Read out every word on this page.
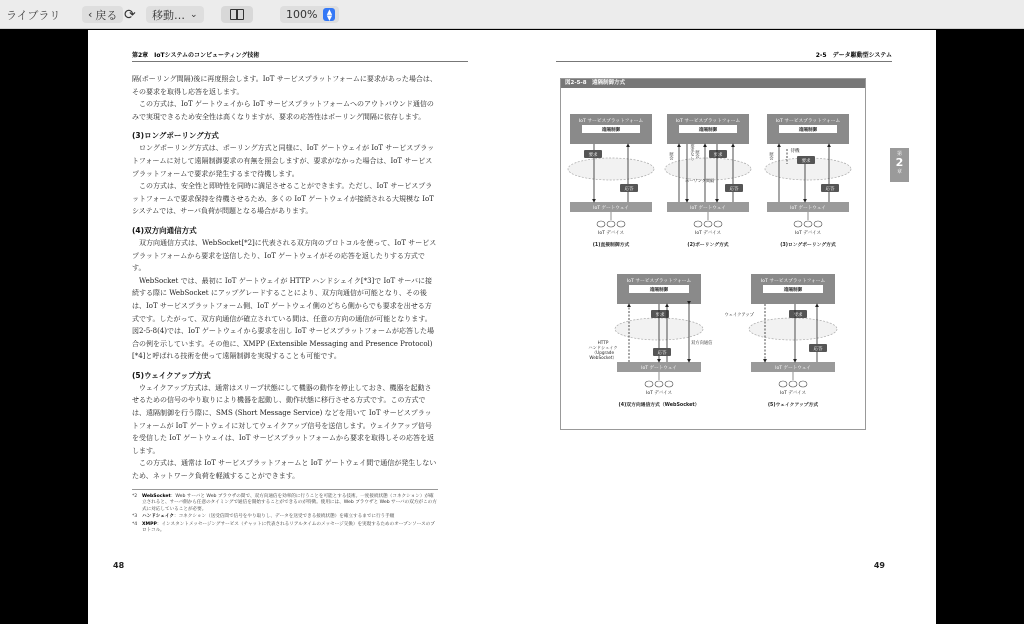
ライブラリ	‹ 戻る ⟳ 移動… ⌄	100%	▲
▼
第2章　IoTシステムのコンピューティング技術

隔(ポーリング間隔)後に再度照会します。IoT サービスプラットフォームに要求があった場合は、その要求を取得し応答を返します。

この方式は、IoT ゲートウェイから IoT サービスプラットフォームへのアウトバウンド通信のみで実現できるため安全性は高くなりますが、要求の応答性はポーリング間隔に依存します。

(3)ロングポーリング方式

ロングポーリング方式は、ポーリング方式と同様に、IoT ゲートウェイが IoT サービスプラットフォームに対して遠隔制御要求の有無を照会しますが、要求がなかった場合は、IoT サービスプラットフォームで要求が発生するまで待機します。

この方式は、安全性と即時性を同時に満足させることができます。ただし、IoT サービスプラットフォームで要求保持を待機させるため、多くの IoT ゲートウェイが接続される大規模な IoT システムでは、サーバ負荷が問題となる場合があります。

(4)双方向通信方式

双方向通信方式は、WebSocket[*2]に代表される双方向のプロトコルを使って、IoT サービスプラットフォームから要求を送信したり、IoT ゲートウェイがその応答を返したりする方式です。

WebSocket では、最初に IoT ゲートウェイが HTTP ハンドシェイク[*3]で IoT サーバに接続する際に WebSocket にアップグレードすることにより、双方向通信が可能となり、その後は、IoT サービスプラットフォーム側、IoT ゲートウェイ側のどちら側からでも要求を出せる方式です。したがって、双方向通信が確立されている間は、任意の方向の通信が可能となります。図2-5-8(4)では、IoT ゲートウェイから要求を出し IoT サービスプラットフォームが応答した場合の例を示しています。その他に、XMPP (Extensible Messaging and Presence Protocol)[*4]と呼ばれる技術を使って遠隔制御を実現することも可能です。

(5)ウェイクアップ方式

ウェイクアップ方式は、通常はスリープ状態にして機器の動作を停止しておき、機器を起動させるための信号のやり取りにより機器を起動し、動作状態に移行させる方式です。この方式では、遠隔制御を行う際に、SMS (Short Message Service) などを用いて IoT サービスプラットフォームが IoT ゲートウェイに対してウェイクアップ信号を送信します。ウェイクアップ信号を受信した IoT ゲートウェイは、IoT サービスプラットフォームから要求を取得しその応答を返します。

この方式は、通常は IoT サービスプラットフォームと IoT ゲートウェイ間で通信が発生しないため、ネットワーク負荷を軽減することができます。

*2	WebSocket：Web サーバと Web ブラウザの間で、双方向通信を効率的に行うことを可能とする技術。一度接続状態（コネクション）が確立されると、サーバ側から任意のタイミングで通信を開始することができるのが特徴。使用には、Web ブラウザと Web サーバの双方がこの方式に対応していることが必要。
*3	ハンドシェイク：コネクション（送受信間で信号をやり取りし、データを送受できる接続状態）を確立するまでに行う手順
*4	XMPP：インスタントメッセージングサービス（チャットに代表されるリアルタイムのメッセージ交換）を実現するためのオープンソースのプロトコル。
48
2-5　データ駆動型システム
図2-5-8　遠隔制御方式
IoT サービスプラットフォーム
遠隔制御
IoT ゲートウェイ
IoT デバイス
(1)直接制御方式
要求
応答
IoT サービスプラットフォーム
遠隔制御
IoT ゲートウェイ
IoT デバイス
(2)ポーリング方式
照会	要求なし 照会	要求
応答
ポーリング間隔
IoT サービスプラットフォーム
遠隔制御
IoT ゲートウェイ
IoT デバイス
(3)ロングポーリング方式
照会
待機
要求
応答
IoT サービスプラットフォーム
遠隔制御
IoT ゲートウェイ
IoT デバイス
(4)双方向通信方式（WebSocket）
HTTP ハンドシェイク（Upgrade WebSocket）
要求
応答
双方向通信
IoT サービスプラットフォーム
遠隔制御
IoT ゲートウェイ
IoT デバイス
(5)ウェイクアップ方式
ウェイクアップ	要求
応答
第
2
章
49
